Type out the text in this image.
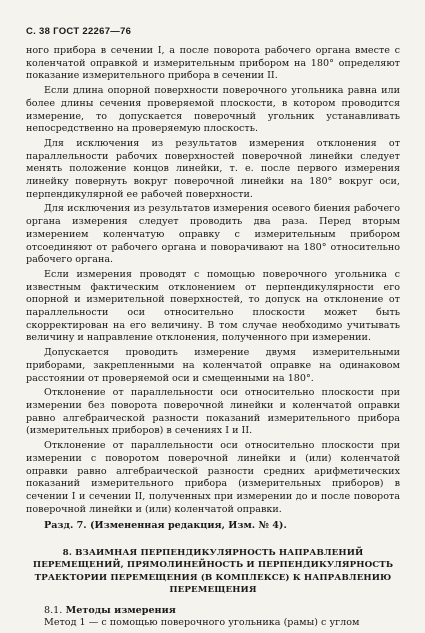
С. 38 ГОСТ 22267—76

ного прибора в сечении I, а после поворота рабочего органа вместе с коленчатой оправкой и измерительным прибором на 180° определяют показание измерительного прибора в сечении II.

Если длина опорной поверхности поверочного угольника равна или более длины сечения проверяемой плоскости, в котором проводится измерение, то допускается поверочный угольник устанавливать непосредственно на проверяемую плоскость.

Для исключения из результатов измерения отклонения от параллельности рабочих поверхностей поверочной линейки следует менять положение концов линейки, т. е. после первого измерения линейку повернуть вокруг поверочной линейки на 180° вокруг оси, перпендикулярной ее рабочей поверхности.

Для исключения из результатов измерения осевого биения рабочего органа измерения следует проводить два раза. Перед вторым измерением коленчатую оправку с измерительным прибором отсоединяют от рабочего органа и поворачивают на 180° относительно рабочего органа.

Если измерения проводят с помощью поверочного угольника с известным фактическим отклонением от перпендикулярности его опорной и измерительной поверхностей, то допуск на отклонение от параллельности оси относительно плоскости может быть скорректирован на его величину. В том случае необходимо учитывать величину и направление отклонения, полученного при измерении.

Допускается проводить измерение двумя измерительными приборами, закрепленными на коленчатой оправке на одинаковом расстоянии от проверяемой оси и смещенными на 180°.

Отклонение от параллельности оси относительно плоскости при измерении без поворота поверочной линейки и коленчатой оправки равно алгебраической разности показаний измерительного прибора (измерительных приборов) в сечениях I и II.

Отклонение от параллельности оси относительно плоскости при измерении с поворотом поверочной линейки и (или) коленчатой оправки равно алгебраической разности средних арифметических показаний измерительного прибора (измерительных приборов) в сечении I и сечении II, полученных при измерении до и после поворота поверочной линейки и (или) коленчатой оправки.

Разд. 7. (Измененная редакция, Изм. № 4).
8. ВЗАИМНАЯ ПЕРПЕНДИКУЛЯРНОСТЬ НАПРАВЛЕНИЙ ПЕРЕМЕЩЕНИЙ, ПРЯМОЛИНЕЙНОСТЬ И ПЕРПЕНДИКУЛЯРНОСТЬ ТРАЕКТОРИИ ПЕРЕМЕЩЕНИЯ (В КОМПЛЕКСЕ) К НАПРАВЛЕНИЮ ПЕРЕМЕЩЕНИЯ
8.1. Методы измерения
Метод 1 — с помощью поверочного угольника (рамы) с углом
